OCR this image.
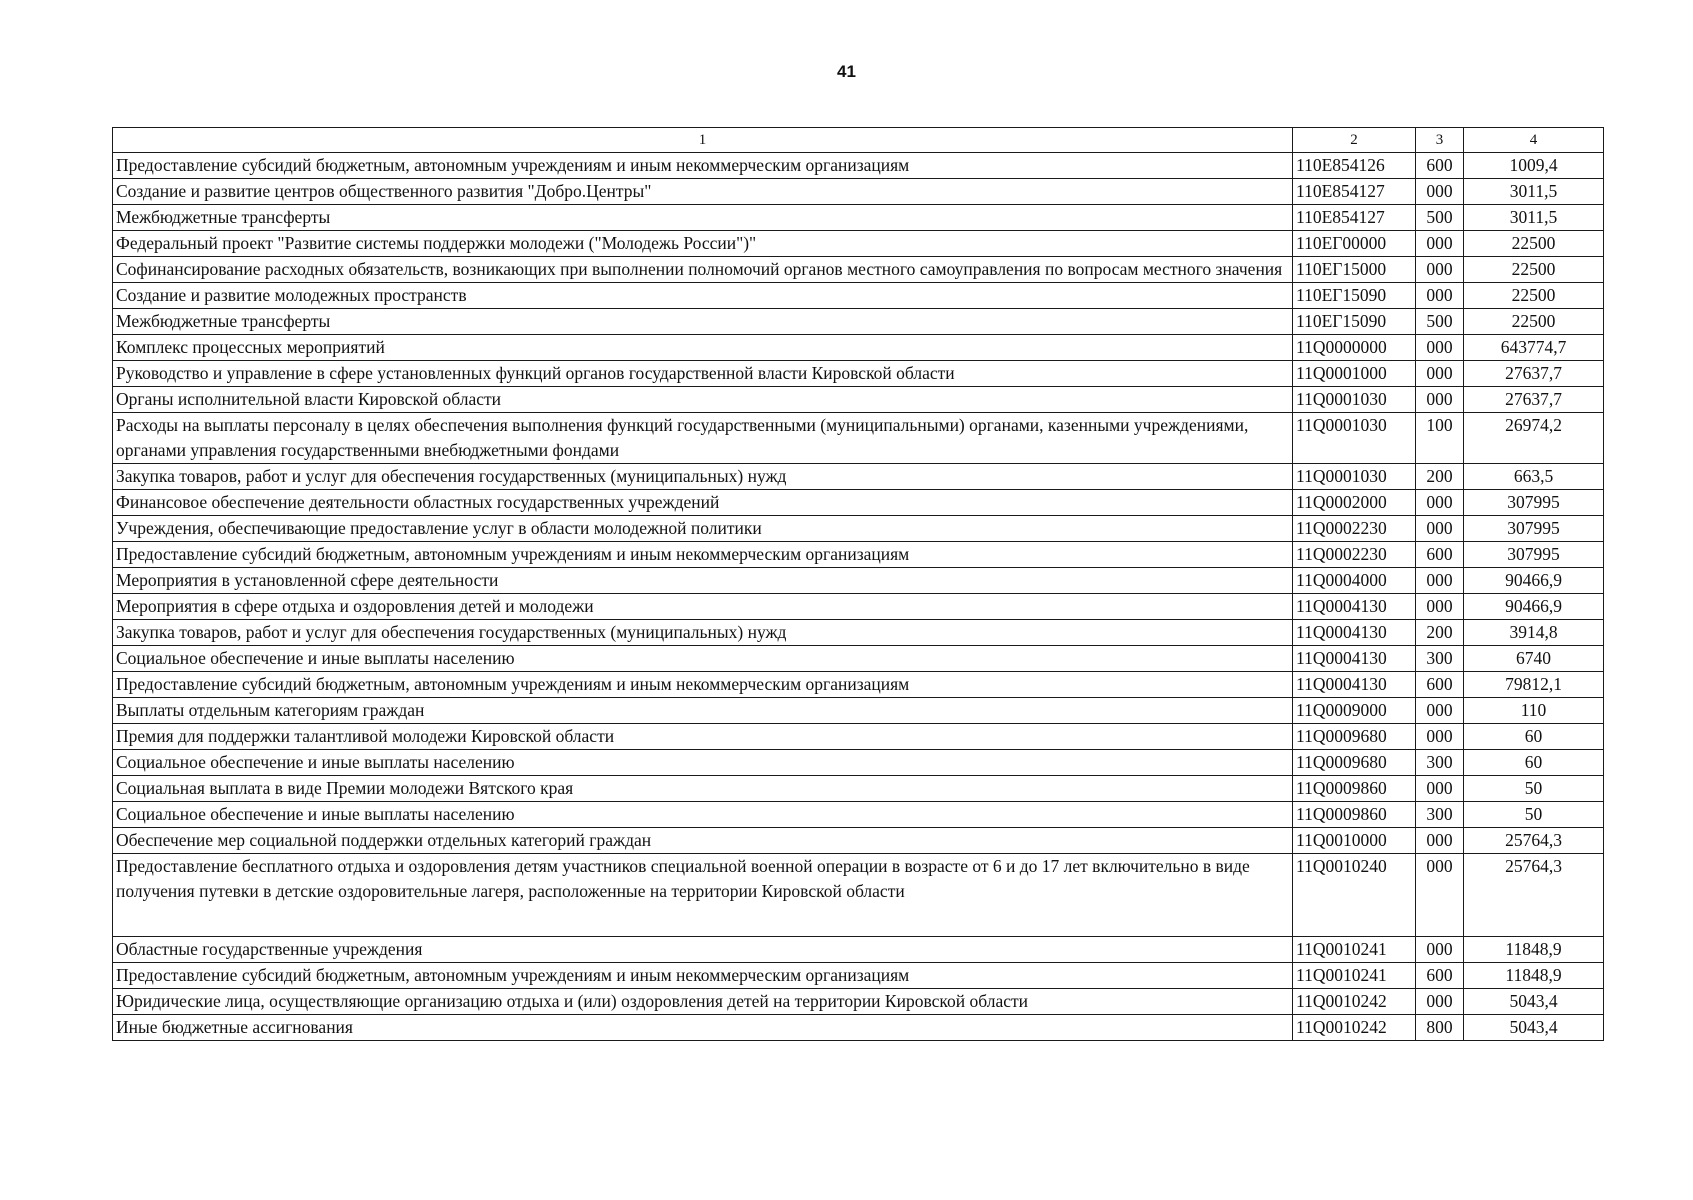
41
1	2	3	4
Предоставление субсидий бюджетным, автономным учреждениям и иным некоммерческим организациям	110E854126	600	1009,4
Создание и развитие центров общественного развития "Добро.Центры"	110E854127	000	3011,5
Межбюджетные трансферты	110E854127	500	3011,5
Федеральный проект "Развитие системы поддержки молодежи ("Молодежь России")"	110ЕГ00000	000	22500
Софинансирование расходных обязательств, возникающих при выполнении полномочий органов местного самоуправления по вопросам местного значения	110ЕГ15000	000	22500
Создание и развитие молодежных пространств	110ЕГ15090	000	22500
Межбюджетные трансферты	110ЕГ15090	500	22500
Комплекс процессных мероприятий	11Q0000000	000	643774,7
Руководство и управление в сфере установленных функций органов государственной власти Кировской области	11Q0001000	000	27637,7
Органы исполнительной власти Кировской области	11Q0001030	000	27637,7
Расходы на выплаты персоналу в целях обеспечения выполнения функций государственными (муниципальными) органами, казенными учреждениями, органами управления государственными внебюджетными фондами	11Q0001030	100	26974,2
Закупка товаров, работ и услуг для обеспечения государственных (муниципальных) нужд	11Q0001030	200	663,5
Финансовое обеспечение деятельности областных государственных учреждений	11Q0002000	000	307995
Учреждения, обеспечивающие предоставление услуг в области молодежной политики	11Q0002230	000	307995
Предоставление субсидий бюджетным, автономным учреждениям и иным некоммерческим организациям	11Q0002230	600	307995
Мероприятия в установленной сфере деятельности	11Q0004000	000	90466,9
Мероприятия в сфере отдыха и оздоровления детей и молодежи	11Q0004130	000	90466,9
Закупка товаров, работ и услуг для обеспечения государственных (муниципальных) нужд	11Q0004130	200	3914,8
Социальное обеспечение и иные выплаты населению	11Q0004130	300	6740
Предоставление субсидий бюджетным, автономным учреждениям и иным некоммерческим организациям	11Q0004130	600	79812,1
Выплаты отдельным категориям граждан	11Q0009000	000	110
Премия для поддержки талантливой молодежи Кировской области	11Q0009680	000	60
Социальное обеспечение и иные выплаты населению	11Q0009680	300	60
Социальная выплата в виде Премии молодежи Вятского края	11Q0009860	000	50
Социальное обеспечение и иные выплаты населению	11Q0009860	300	50
Обеспечение мер социальной поддержки отдельных категорий граждан	11Q0010000	000	25764,3
Предоставление бесплатного отдыха и оздоровления детям участников специальной военной операции в возрасте от 6 и до 17 лет включительно в виде получения путевки в детские оздоровительные лагеря, расположенные на территории Кировской области	11Q0010240	000	25764,3
Областные государственные учреждения	11Q0010241	000	11848,9
Предоставление субсидий бюджетным, автономным учреждениям и иным некоммерческим организациям	11Q0010241	600	11848,9
Юридические лица, осуществляющие организацию отдыха и (или) оздоровления детей на территории Кировской области	11Q0010242	000	5043,4
Иные бюджетные ассигнования	11Q0010242	800	5043,4
